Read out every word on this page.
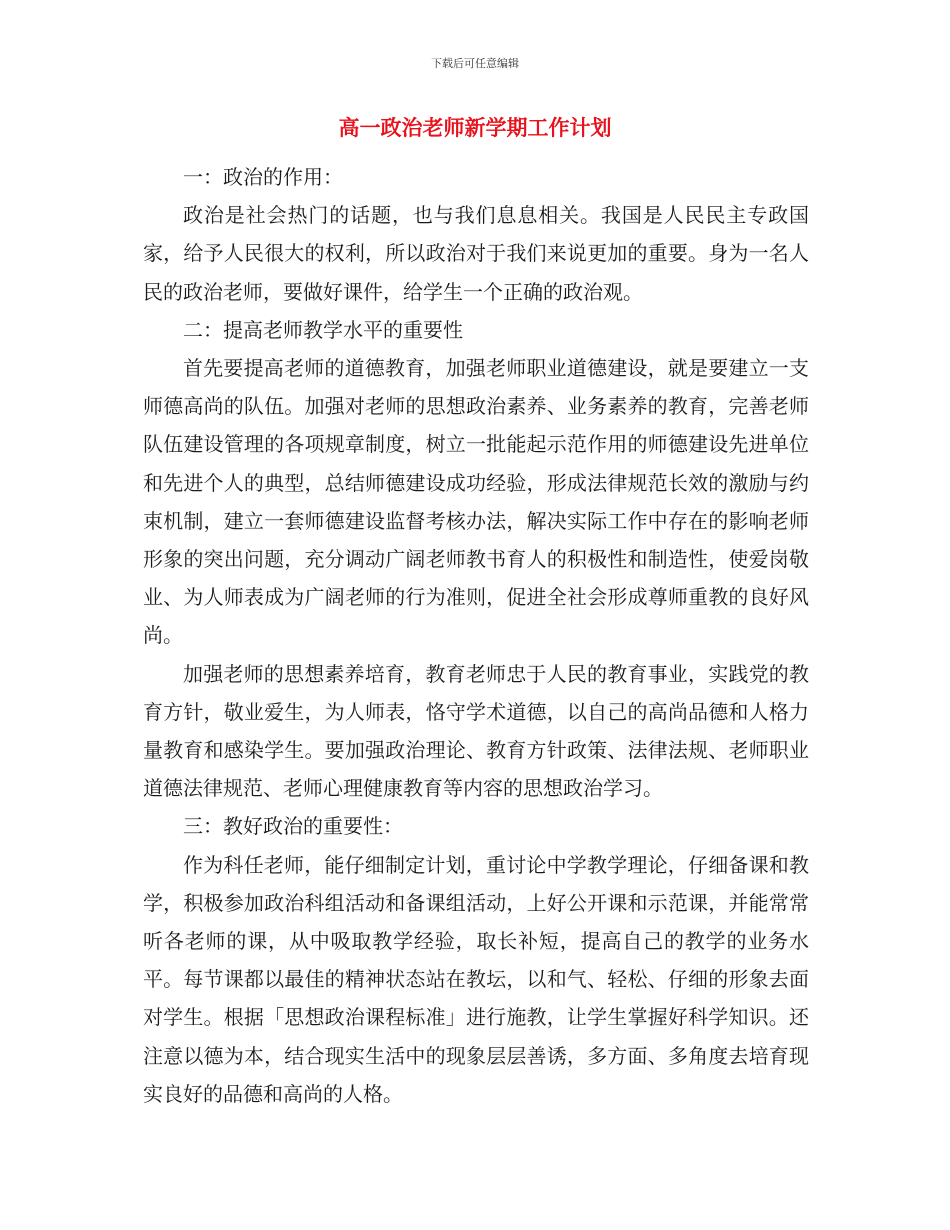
下载后可任意编辑
高一政治老师新学期工作计划

一：政治的作用：

政治是社会热门的话题，也与我们息息相关。我国是人民民主专政国家，给予人民很大的权利，所以政治对于我们来说更加的重要。身为一名人民的政治老师，要做好课件，给学生一个正确的政治观。

二：提高老师教学水平的重要性

首先要提高老师的道德教育，加强老师职业道德建设，就是要建立一支师德高尚的队伍。加强对老师的思想政治素养、业务素养的教育，完善老师队伍建设管理的各项规章制度，树立一批能起示范作用的师德建设先进单位和先进个人的典型，总结师德建设成功经验，形成法律规范长效的激励与约束机制，建立一套师德建设监督考核办法，解决实际工作中存在的影响老师形象的突出问题，充分调动广阔老师教书育人的积极性和制造性，使爱岗敬业、为人师表成为广阔老师的行为准则，促进全社会形成尊师重教的良好风尚。

加强老师的思想素养培育，教育老师忠于人民的教育事业，实践党的教育方针，敬业爱生，为人师表，恪守学术道德，以自己的高尚品德和人格力量教育和感染学生。要加强政治理论、教育方针政策、法律法规、老师职业道德法律规范、老师心理健康教育等内容的思想政治学习。

三：教好政治的重要性：

作为科任老师，能仔细制定计划，重讨论中学教学理论，仔细备课和教学，积极参加政治科组活动和备课组活动，上好公开课和示范课，并能常常听各老师的课，从中吸取教学经验，取长补短，提高自己的教学的业务水平。每节课都以最佳的精神状态站在教坛，以和气、轻松、仔细的形象去面对学生。根据「思想政治课程标准」进行施教，让学生掌握好科学知识。还注意以德为本，结合现实生活中的现象层层善诱，多方面、多角度去培育现实良好的品德和高尚的人格。
